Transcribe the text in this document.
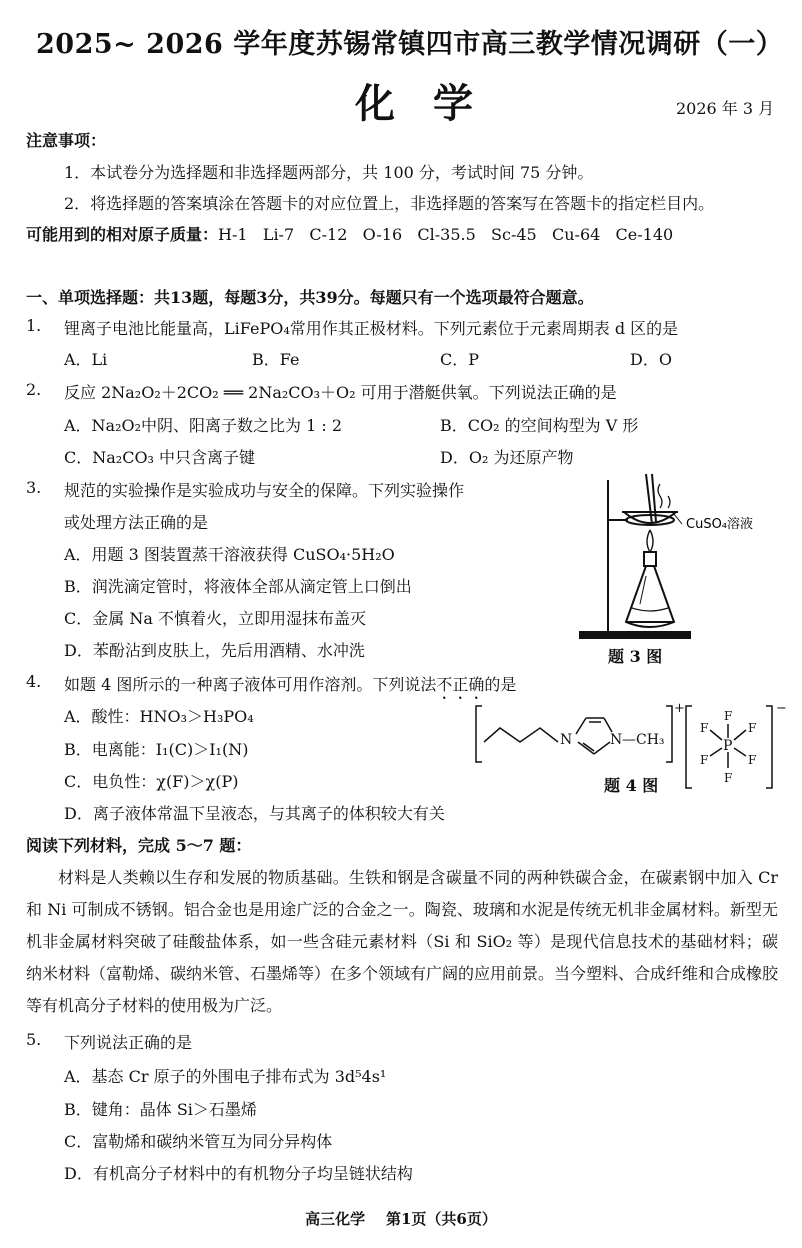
2025~ 2026 学年度苏锡常镇四市高三教学情况调研（一）
化学	2026 年 3 月
注意事项：
1．本试卷分为选择题和非选择题两部分，共 100 分，考试时间 75 分钟。
2．将选择题的答案填涂在答题卡的对应位置上，非选择题的答案写在答题卡的指定栏目内。
可能用到的相对原子质量：H-1   Li-7   C-12   O-16   Cl-35.5   Sc-45   Cu-64   Ce-140
一、单项选择题：共13题，每题3分，共39分。每题只有一个选项最符合题意。
1. 锂离子电池比能量高，LiFePO₄常用作其正极材料。下列元素位于元素周期表 d 区的是
A．Li	B．Fe	C．P	D．O
2. 反应 2Na₂O₂＋2CO₂ ══ 2Na₂CO₃＋O₂ 可用于潜艇供氧。下列说法正确的是
A．Na₂O₂中阴、阳离子数之比为 1 : 2	B．CO₂ 的空间构型为 V 形
C．Na₂CO₃ 中只含离子键	D．O₂ 为还原产物
3. 规范的实验操作是实验成功与安全的保障。下列实验操作
或处理方法正确的是
A．用题 3 图装置蒸干溶液获得 CuSO₄·5H₂O
B．润洗滴定管时，将液体全部从滴定管上口倒出
C．金属 Na 不慎着火，立即用湿抹布盖灭
D．苯酚沾到皮肤上，先后用酒精、水冲洗
CuSO₄溶液
题 3 图
4. 如题 4 图所示的一种离子液体可用作溶剂。下列说法不正确的是
A．酸性：HNO₃＞H₃PO₄
B．电离能：I₁(C)＞I₁(N)
C．电负性：χ(F)＞χ(P)
D．离子液体常温下呈液态，与其离子的体积较大有关
N	N —CH₃
+
P
F
F
F	F
F	F
−
题 4 图
阅读下列材料，完成 5～7 题：
材料是人类赖以生存和发展的物质基础。生铁和钢是含碳量不同的两种铁碳合金，在碳素钢中加入 Cr 和 Ni 可制成不锈钢。铝合金也是用途广泛的合金之一。陶瓷、玻璃和水泥是传统无机非金属材料。新型无机非金属材料突破了硅酸盐体系，如一些含硅元素材料（Si 和 SiO₂ 等）是现代信息技术的基础材料；碳纳米材料（富勒烯、碳纳米管、石墨烯等）在多个领域有广阔的应用前景。当今塑料、合成纤维和合成橡胶等有机高分子材料的使用极为广泛。
5. 下列说法正确的是
A．基态 Cr 原子的外围电子排布式为 3d⁵4s¹
B．键角：晶体 Si＞石墨烯
C．富勒烯和碳纳米管互为同分异构体
D．有机高分子材料中的有机物分子均呈链状结构
高三化学    第1页（共6页）
